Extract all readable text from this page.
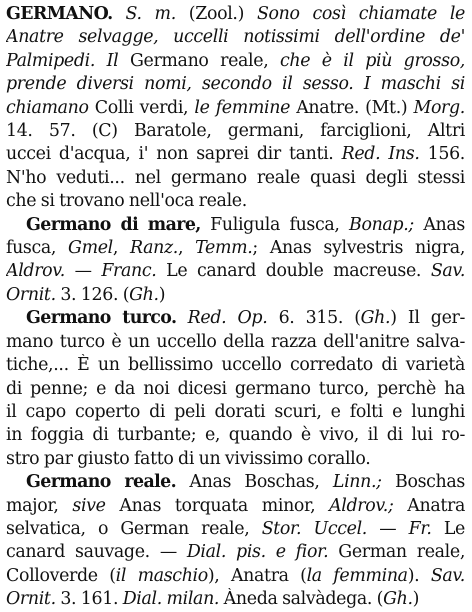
GERMANO. S. m. (Zool.) Sono così chiamate le
Anatre selvagge, uccelli notissimi dell'ordine de'
Palmipedi. Il Germano reale, che è il più grosso,
prende diversi nomi, secondo il sesso. I maschi si
chiamano Colli verdi, le femmine Anatre. (Mt.) Morg.
14. 57. (C) Baratole, germani, farciglioni, Altri
uccei d'acqua, i' non saprei dir tanti. Red. Ins. 156.
N'ho veduti... nel germano reale quasi degli stessi
che si trovano nell'oca reale.
Germano di mare, Fuligula fusca, Bonap.; Anas
fusca, Gmel, Ranz., Temm.; Anas sylvestris nigra,
Aldrov. — Franc. Le canard double macreuse. Sav.
Ornit. 3. 126. (Gh.)
Germano turco. Red. Op. 6. 315. (Gh.) Il ger-
mano turco è un uccello della razza dell'anitre salva-
tiche,... È un bellissimo uccello corredato di varietà
di penne; e da noi dicesi germano turco, perchè ha
il capo coperto di peli dorati scuri, e folti e lunghi
in foggia di turbante; e, quando è vivo, il di lui ro-
stro par giusto fatto di un vivissimo corallo.
Germano reale. Anas Boschas, Linn.; Boschas
major, sive Anas torquata minor, Aldrov.; Anatra
selvatica, o German reale, Stor. Uccel. — Fr. Le
canard sauvage. — Dial. pis. e fior. German reale,
Colloverde (il maschio), Anatra (la femmina). Sav.
Ornit. 3. 161. Dial. milan. Àneda salvàdega. (Gh.)
